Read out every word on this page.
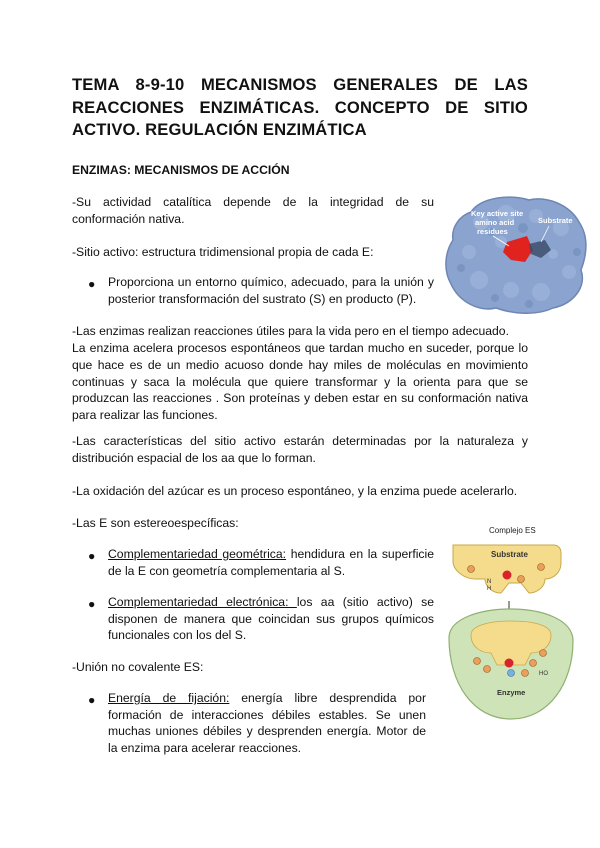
TEMA 8-9-10 MECANISMOS GENERALES DE LAS REACCIONES ENZIMÁTICAS. CONCEPTO DE SITIO ACTIVO. REGULACIÓN ENZIMÁTICA
ENZIMAS: MECANISMOS DE ACCIÓN
-Su actividad catalítica depende de la integridad de su conformación nativa.
-Sitio activo: estructura tridimensional propia de cada E:
● Proporciona un entorno químico, adecuado, para la unión y posterior transformación del sustrato (S) en producto (P).
-Las enzimas realizan reacciones útiles para la vida pero en el tiempo adecuado.
La enzima acelera procesos espontáneos que tardan mucho en suceder, porque lo que hace es de un medio acuoso donde hay miles de moléculas en movimiento continuas y saca la molécula que quiere transformar y la orienta para que se produzcan las reacciones . Son proteínas y deben estar en su conformación nativa para realizar las funciones.
-Las características del sitio activo estarán determinadas por la naturaleza y distribución espacial de los aa que lo forman.
-La oxidación del azúcar es un proceso espontáneo, y la enzima puede acelerarlo.
-Las E son estereoespecíficas:
● Complementariedad geométrica: hendidura en la superficie de la E con geometría complementaria al S.
● Complementariedad electrónica: los aa (sitio activo) se disponen de manera que coincidan sus grupos químicos funcionales con los del S.
-Unión no covalente ES:
● Energía de fijación: energía libre desprendida por formación de interacciones débiles estables. Se unen muchas uniones débiles y desprenden energía. Motor de la enzima para acelerar reacciones.
Key active site
amino acid
residues
Substrate
Complejo ES
Substrate
N
H
HO
Enzyme
